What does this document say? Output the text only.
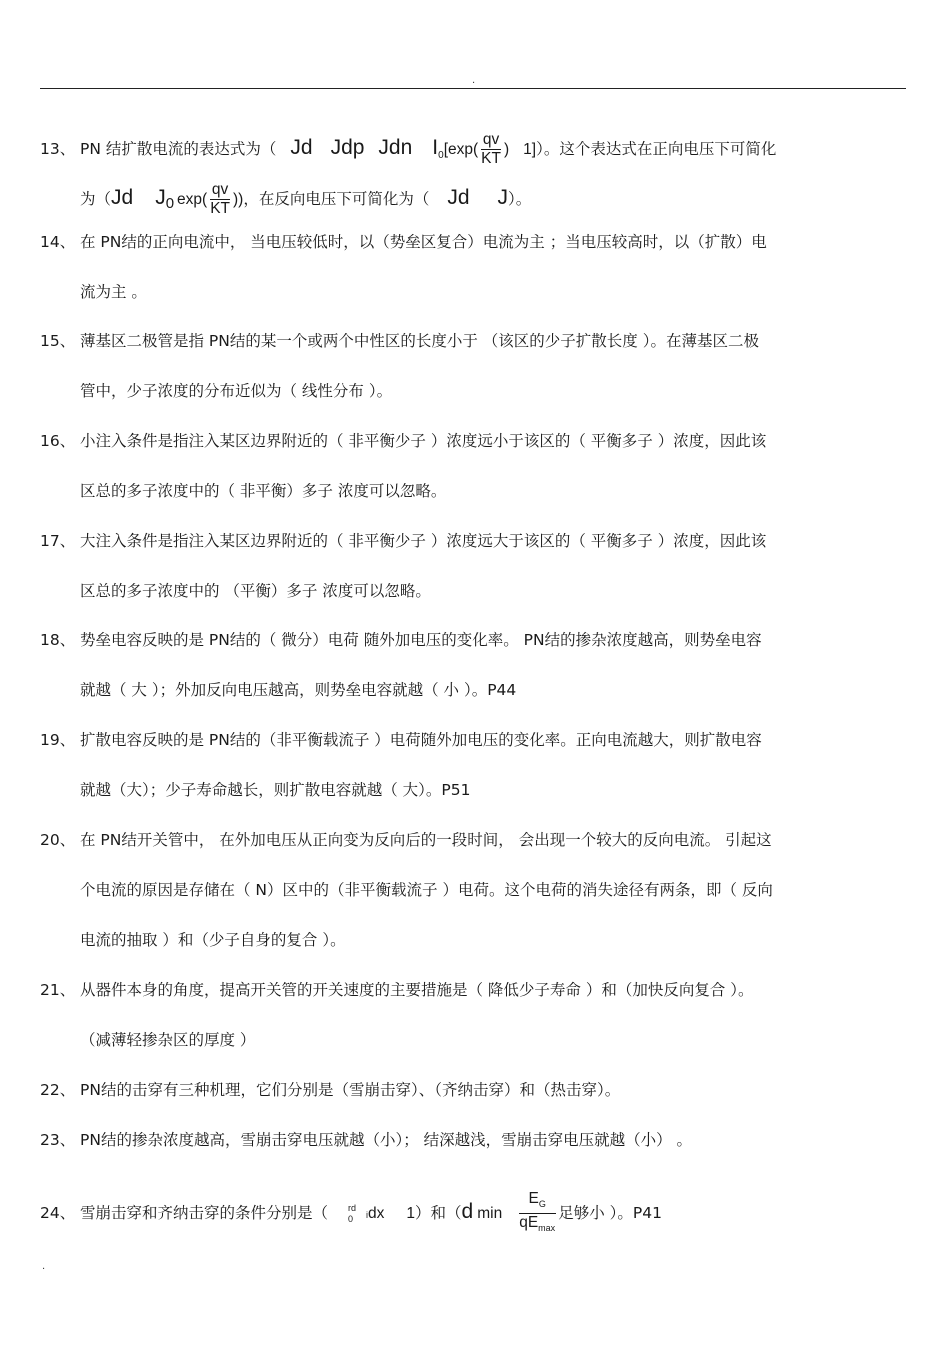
.
13、 PN 结扩散电流的表达式为（ Jd Jdp Jdn $I_0[\exp( \frac{qv}{KT}$ ) 1]）。这个表达式在正向电压下可简化
为（Jd $J_0$ $\exp( \frac{qv}{KT}$ ))，在反向电压下可简化为（ Jd J）。
14、 在 PN结的正向电流中， 当电压较低时，以（势垒区复合）电流为主 ；当电压较高时，以（扩散）电
流为主 。
15、 薄基区二极管是指 PN结的某一个或两个中性区的长度小于 （该区的少子扩散长度 ）。在薄基区二极
管中，少子浓度的分布近似为（ 线性分布 ）。
16、 小注入条件是指注入某区边界附近的（ 非平衡少子 ）浓度远小于该区的（ 平衡多子 ）浓度，因此该
区总的多子浓度中的（ 非平衡）多子 浓度可以忽略。
17、 大注入条件是指注入某区边界附近的（ 非平衡少子 ）浓度远大于该区的（ 平衡多子 ）浓度，因此该
区总的多子浓度中的 （平衡）多子 浓度可以忽略。
18、 势垒电容反映的是 PN结的（ 微分）电荷 随外加电压的变化率。 PN结的掺杂浓度越高，则势垒电容
就越（ 大 ）；外加反向电压越高，则势垒电容就越（ 小 ）。P44
19、 扩散电容反映的是 PN结的（非平衡载流子 ）电荷随外加电压的变化率。正向电流越大，则扩散电容
就越（大）；少子寿命越长，则扩散电容就越（ 大）。P51
20、 在 PN结开关管中， 在外加电压从正向变为反向后的一段时间， 会出现一个较大的反向电流。 引起这
个电流的原因是存储在（ N）区中的（非平衡载流子 ）电荷。这个电荷的消失途径有两条，即（ 反向
电流的抽取 ）和（少子自身的复合 ）。
21、 从器件本身的角度，提高开关管的开关速度的主要措施是（ 降低少子寿命 ）和（加快反向复合 ）。
（减薄轻掺杂区的厚度 ）
22、 PN结的击穿有三种机理，它们分别是（雪崩击穿）、（齐纳击穿）和（热击穿）。
23、 PN结的掺杂浓度越高，雪崩击穿电压就越（小）； 结深越浅，雪崩击穿电压就越（小） 。
24、 雪崩击穿和齐纳击穿的条件分别是（ rd
0	idx 1）和（d $\min \frac{E_G}{qE_{max}}$ 足够小 ）。P41
.
